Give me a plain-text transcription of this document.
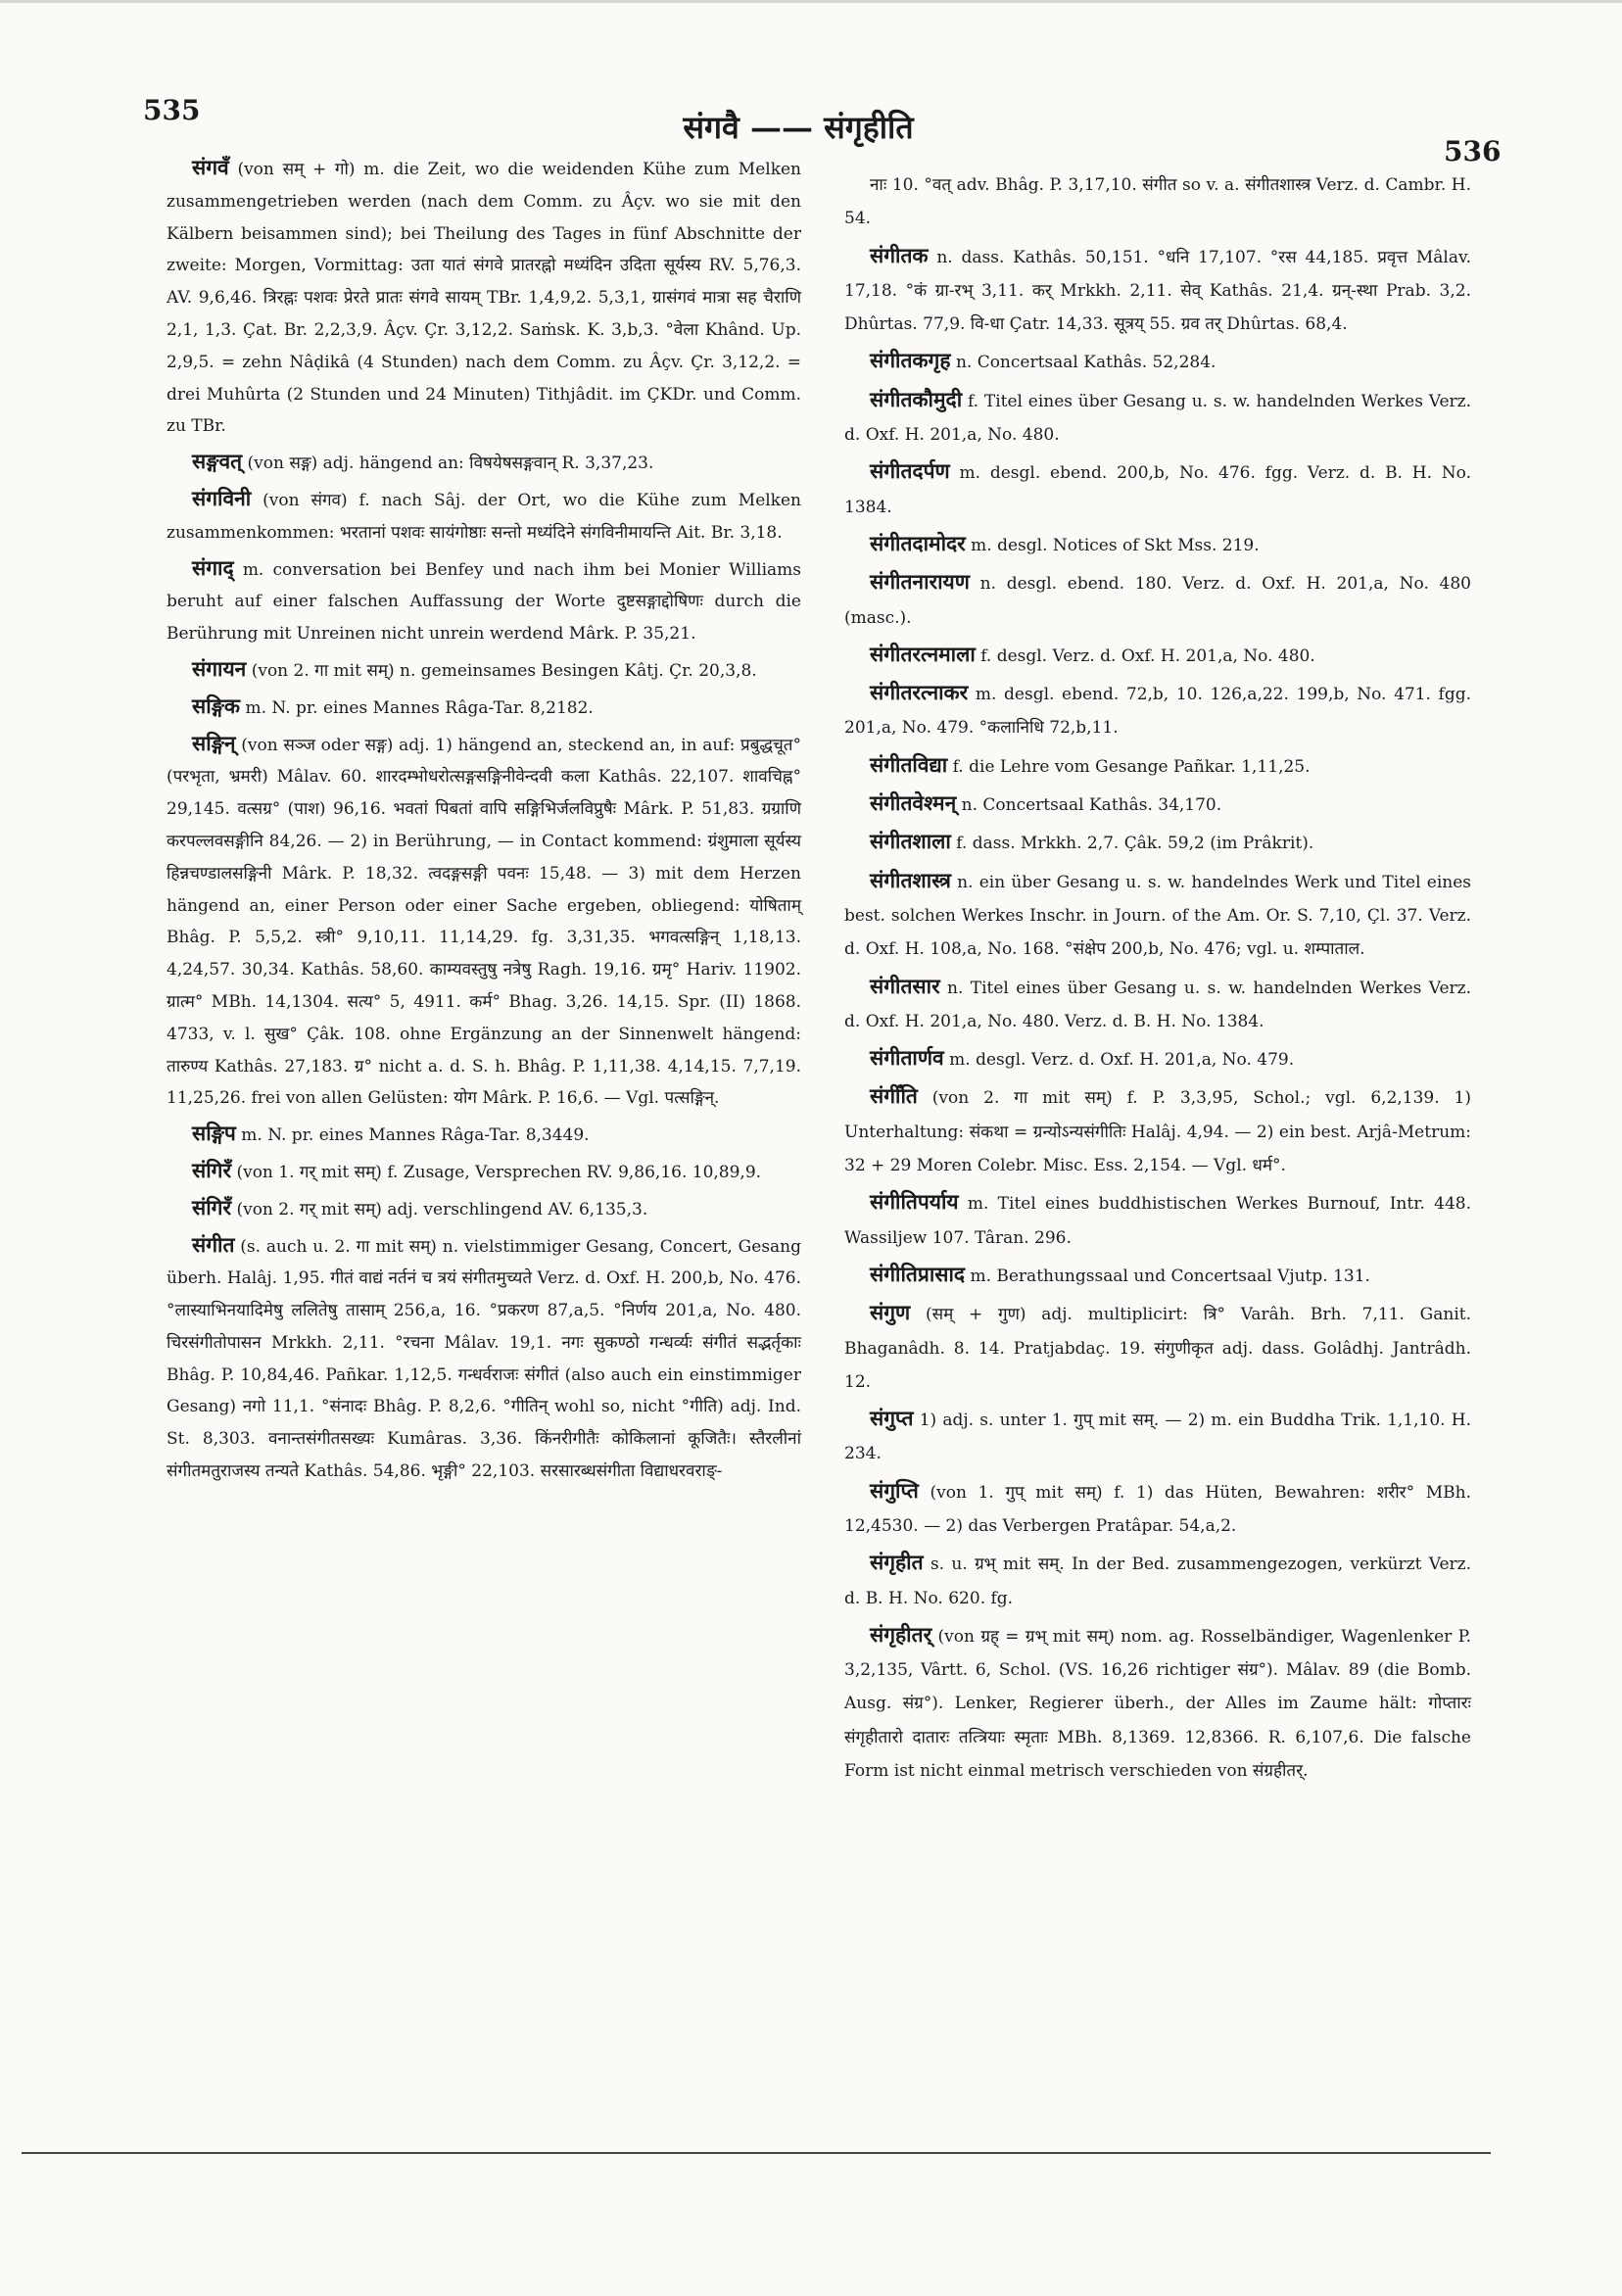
535	संगवै —— संगृहीति
536

संगवँ (von सम् + गो) m. die Zeit, wo die weidenden Kühe zum Melken zusammengetrieben werden (nach dem Comm. zu Âçv. wo sie mit den Kälbern beisammen sind); bei Theilung des Tages in fünf Abschnitte der zweite: Morgen, Vormittag: उता यातं संगवे प्रातरह्नो मध्यंदिन उदिता सूर्यस्य RV. 5,76,3. AV. 9,6,46. त्रिरह्नः पशवः प्रेरते प्रातः संगवे सायम् TBr. 1,4,9,2. 5,3,1, ग्रासंगवं मात्रा सह चैराणि 2,1, 1,3. Çat. Br. 2,2,3,9. Âçv. Çr. 3,12,2. Saṁsk. K. 3,b,3. °वेला Khând. Up. 2,9,5. = zehn Nâḍikâ (4 Stunden) nach dem Comm. zu Âçv. Çr. 3,12,2. = drei Muhûrta (2 Stunden und 24 Minuten) Tithjâdit. im ÇKDr. und Comm. zu TBr.

सङ्गवत् (von सङ्ग) adj. hängend an: विषयेषसङ्गवान् R. 3,37,23.

संगविनी (von संगव) f. nach Sâj. der Ort, wo die Kühe zum Melken zusammenkommen: भरतानां पशवः सायंगोष्ठाः सन्तो मध्यंदिने संगविनीमायन्ति Ait. Br. 3,18.

संगाद् m. conversation bei Benfey und nach ihm bei Monier Williams beruht auf einer falschen Auffassung der Worte दुष्टसङ्गाद्दोषिणः durch die Berührung mit Unreinen nicht unrein werdend Mârk. P. 35,21.

संगायन (von 2. गा mit सम्) n. gemeinsames Besingen Kâtj. Çr. 20,3,8.

सङ्गिक m. N. pr. eines Mannes Râga-Tar. 8,2182.

सङ्गिन् (von सञ्ज oder सङ्ग) adj. 1) hängend an, steckend an, in auf: प्रबुद्धचूत° (परभृता, भ्रमरी) Mâlav. 60. शारदम्भोधरोत्सङ्गसङ्गिनीवेन्दवी कला Kathâs. 22,107. शावचिह्न° 29,145. वत्सग्र° (पाश) 96,16. भवतां पिबतां वापि सङ्गिभिर्जलविप्रुषैः Mârk. P. 51,83. ग्रग्राणि करपल्लवसङ्गीनि 84,26. — 2) in Berührung, — in Contact kommend: ग्रंशुमाला सूर्यस्य हिन्नचण्डालसङ्गिनी Mârk. P. 18,32. त्वदङ्गसङ्गी पवनः 15,48. — 3) mit dem Herzen hängend an, einer Person oder einer Sache ergeben, obliegend: योषिताम् Bhâg. P. 5,5,2. स्त्री° 9,10,11. 11,14,29. fg. 3,31,35. भगवत्सङ्गिन् 1,18,13. 4,24,57. 30,34. Kathâs. 58,60. काम्यवस्तुषु नत्रेषु Ragh. 19,16. ग्रमृ° Hariv. 11902. ग्रात्म° MBh. 14,1304. सत्य° 5, 4911. कर्म° Bhag. 3,26. 14,15. Spr. (II) 1868. 4733, v. l. सुख° Çâk. 108. ohne Ergänzung an der Sinnenwelt hängend: तारुण्य Kathâs. 27,183. ग्र° nicht a. d. S. h. Bhâg. P. 1,11,38. 4,14,15. 7,7,19. 11,25,26. frei von allen Gelüsten: योग Mârk. P. 16,6. — Vgl. पत्सङ्गिन्.

सङ्गिप m. N. pr. eines Mannes Râga-Tar. 8,3449.

संगिरँ (von 1. गर् mit सम्) f. Zusage, Versprechen RV. 9,86,16. 10,89,9.

संगिरँ (von 2. गर् mit सम्) adj. verschlingend AV. 6,135,3.

संगीत (s. auch u. 2. गा mit सम्) n. vielstimmiger Gesang, Concert, Gesang überh. Halâj. 1,95. गीतं वाद्यं नर्तनं च त्रयं संगीतमुच्यते Verz. d. Oxf. H. 200,b, No. 476. °लास्याभिनयादिमेषु ललितेषु तासाम् 256,a, 16. °प्रकरण 87,a,5. °निर्णय 201,a, No. 480. चिरसंगीतोपासन Mrkkh. 2,11. °रचना Mâlav. 19,1. नगः सुकण्ठो गन्धर्व्यः संगीतं सद्भर्तृकाः Bhâg. P. 10,84,46. Pañkar. 1,12,5. गन्धर्वराजः संगीतं (also auch ein einstimmiger Gesang) नगो 11,1. °संनादः Bhâg. P. 8,2,6. °गीतिन् wohl so, nicht °गीति) adj. Ind. St. 8,303. वनान्तसंगीतसख्यः Kumâras. 3,36. किंनरीगीतैः कोकिलानां कूजितैः। स्तैरलीनां संगीतमतुराजस्य तन्यते Kathâs. 54,86. भृङ्गी° 22,103. सरसारब्धसंगीता विद्याधरवराङ्-

नाः 10. °वत् adv. Bhâg. P. 3,17,10. संगीत so v. a. संगीतशास्त्र Verz. d. Cambr. H. 54.

संगीतक n. dass. Kathâs. 50,151. °धनि 17,107. °रस 44,185. प्रवृत्त Mâlav. 17,18. °कं ग्रा-रभ् 3,11. कर् Mrkkh. 2,11. सेव् Kathâs. 21,4. ग्रन्-स्था Prab. 3,2. Dhûrtas. 77,9. वि-धा Çatr. 14,33. सूत्रय् 55. ग्रव तर् Dhûrtas. 68,4.

संगीतकगृह n. Concertsaal Kathâs. 52,284.

संगीतकौमुदी f. Titel eines über Gesang u. s. w. handelnden Werkes Verz. d. Oxf. H. 201,a, No. 480.

संगीतदर्पण m. desgl. ebend. 200,b, No. 476. fgg. Verz. d. B. H. No. 1384.

संगीतदामोदर m. desgl. Notices of Skt Mss. 219.

संगीतनारायण n. desgl. ebend. 180. Verz. d. Oxf. H. 201,a, No. 480 (masc.).

संगीतरत्नमाला f. desgl. Verz. d. Oxf. H. 201,a, No. 480.

संगीतरत्नाकर m. desgl. ebend. 72,b, 10. 126,a,22. 199,b, No. 471. fgg. 201,a, No. 479. °कलानिधि 72,b,11.

संगीतविद्या f. die Lehre vom Gesange Pañkar. 1,11,25.

संगीतवेश्मन् n. Concertsaal Kathâs. 34,170.

संगीतशाला f. dass. Mrkkh. 2,7. Çâk. 59,2 (im Prâkrit).

संगीतशास्त्र n. ein über Gesang u. s. w. handelndes Werk und Titel eines best. solchen Werkes Inschr. in Journ. of the Am. Or. S. 7,10, Çl. 37. Verz. d. Oxf. H. 108,a, No. 168. °संक्षेप 200,b, No. 476; vgl. u. शम्पाताल.

संगीतसार n. Titel eines über Gesang u. s. w. handelnden Werkes Verz. d. Oxf. H. 201,a, No. 480. Verz. d. B. H. No. 1384.

संगीतार्णव m. desgl. Verz. d. Oxf. H. 201,a, No. 479.

संगीँति (von 2. गा mit सम्) f. P. 3,3,95, Schol.; vgl. 6,2,139. 1) Unterhaltung: संकथा = ग्रन्योऽन्यसंगीतिः Halâj. 4,94. — 2) ein best. Arjâ-Metrum: 32 + 29 Moren Colebr. Misc. Ess. 2,154. — Vgl. धर्म°.

संगीतिपर्याय m. Titel eines buddhistischen Werkes Burnouf, Intr. 448. Wassiljew 107. Târan. 296.

संगीतिप्रासाद m. Berathungssaal und Concertsaal Vjutp. 131.

संगुण (सम् + गुण) adj. multiplicirt: त्रि° Varâh. Brh. 7,11. Ganit. Bhaganâdh. 8. 14. Pratjabdaç. 19. संगुणीकृत adj. dass. Golâdhj. Jantrâdh. 12.

संगुप्त 1) adj. s. unter 1. गुप् mit सम्. — 2) m. ein Buddha Trik. 1,1,10. H. 234.

संगुप्ति (von 1. गुप् mit सम्) f. 1) das Hüten, Bewahren: शरीर° MBh. 12,4530. — 2) das Verbergen Pratâpar. 54,a,2.

संगृहीत s. u. ग्रभ् mit सम्. In der Bed. zusammengezogen, verkürzt Verz. d. B. H. No. 620. fg.

संगृहीतर् (von ग्रह् = ग्रभ् mit सम्) nom. ag. Rosselbändiger, Wagenlenker P. 3,2,135, Vârtt. 6, Schol. (VS. 16,26 richtiger संग्र°). Mâlav. 89 (die Bomb. Ausg. संग्र°). Lenker, Regierer überh., der Alles im Zaume hält: गोप्तारः संगृहीतारो दातारः तत्त्रियाः स्मृताः MBh. 8,1369. 12,8366. R. 6,107,6. Die falsche Form ist nicht einmal metrisch verschieden von संग्रहीतर्.
